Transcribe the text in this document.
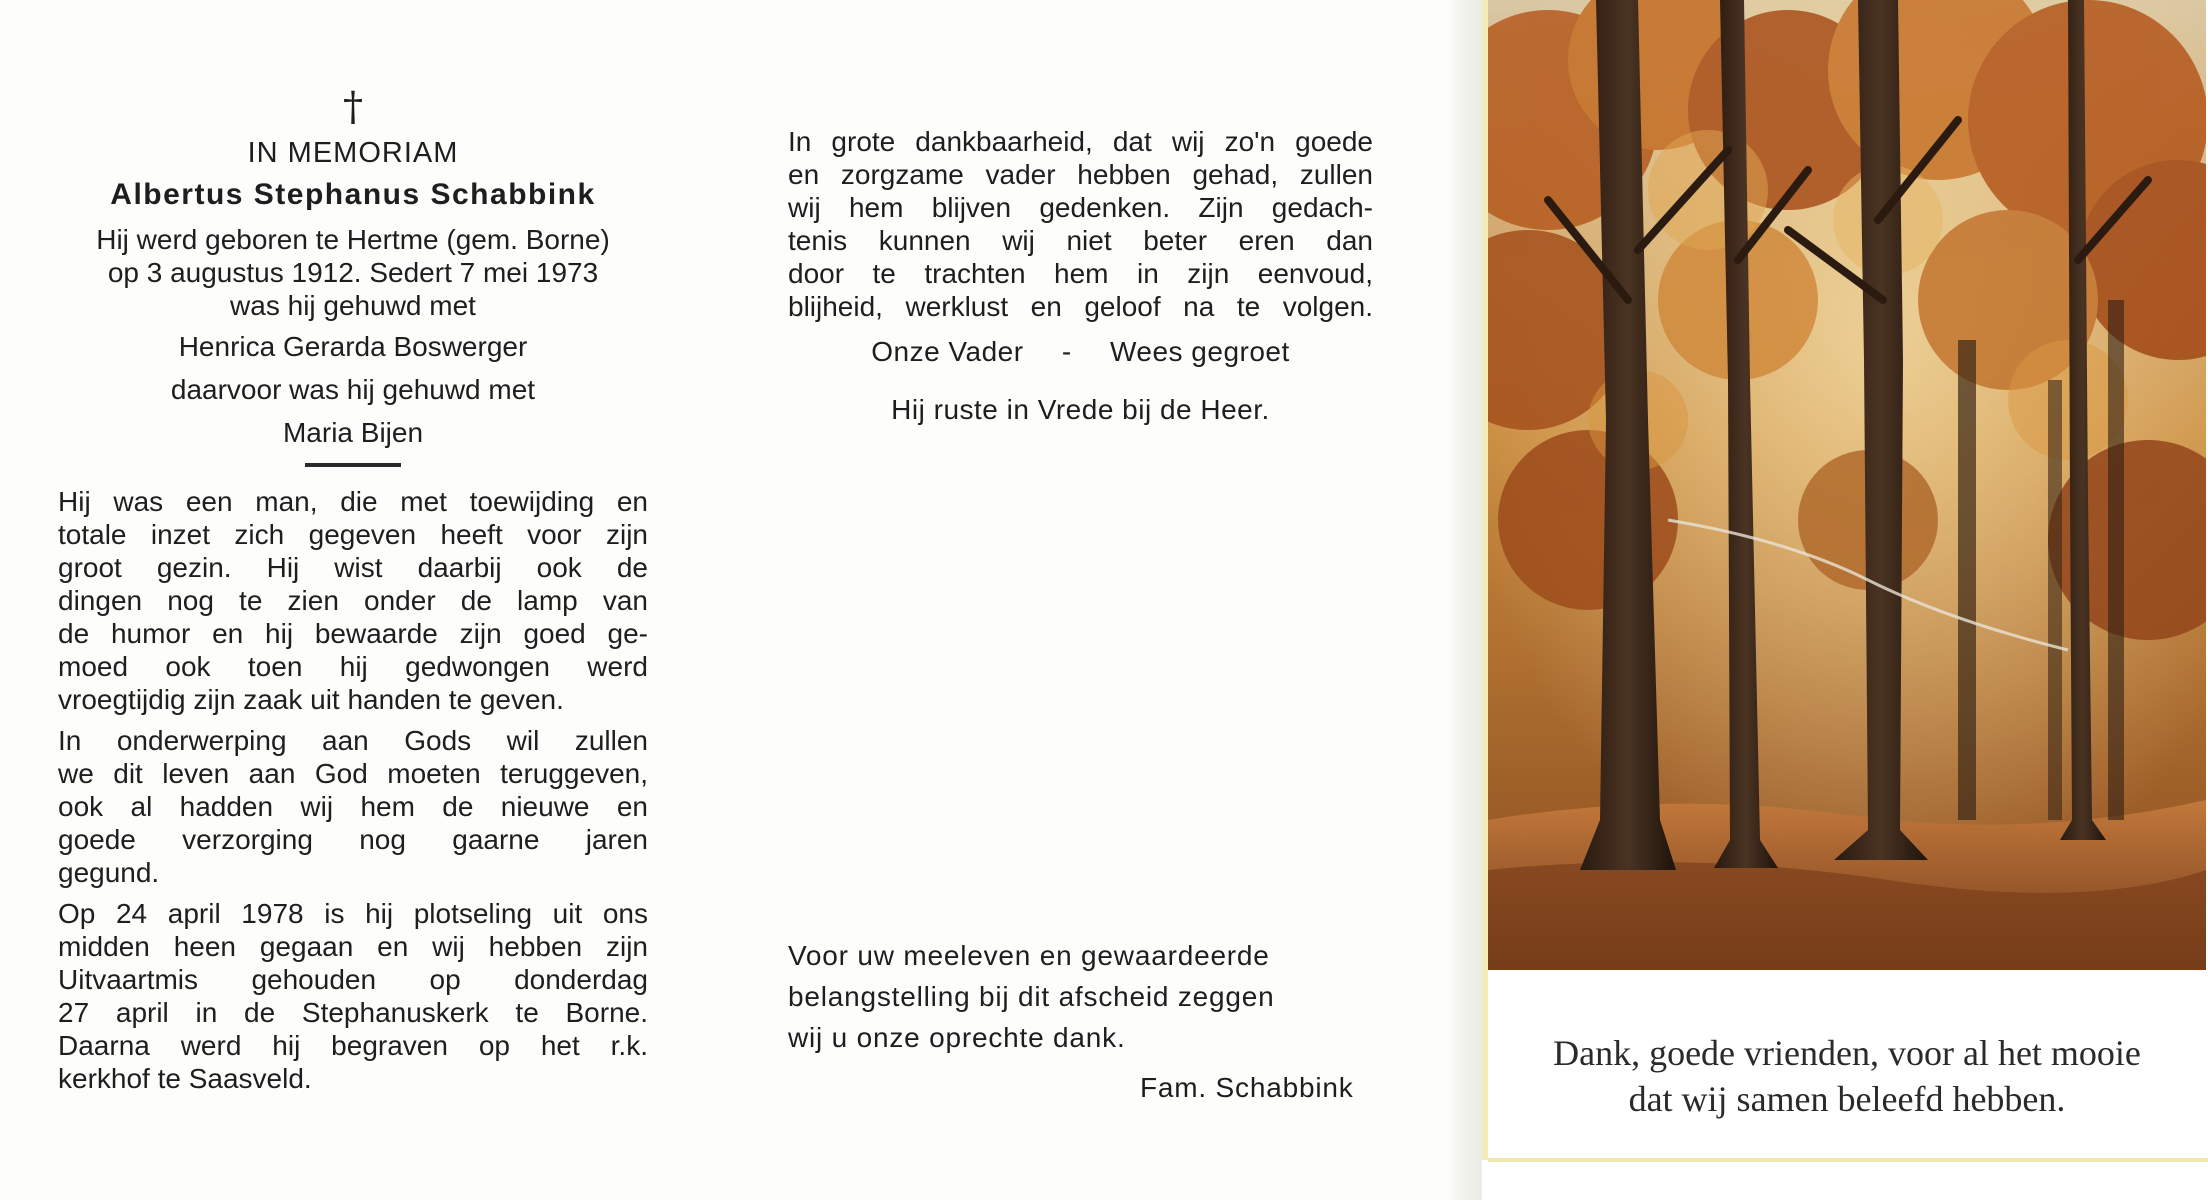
†
IN MEMORIAM
Albertus Stephanus Schabbink
Hij werd geboren te Hertme (gem. Borne)
op 3 augustus 1912. Sedert 7 mei 1973
was hij gehuwd met
Henrica Gerarda Boswerger
daarvoor was hij gehuwd met
Maria Bijen
Hij was een man, die met toewijding en
totale inzet zich gegeven heeft voor zijn
groot gezin. Hij wist daarbij ook de
dingen nog te zien onder de lamp van
de humor en hij bewaarde zijn goed ge-
moed ook toen hij gedwongen werd
vroegtijdig zijn zaak uit handen te geven.
In onderwerping aan Gods wil zullen
we dit leven aan God moeten teruggeven,
ook al hadden wij hem de nieuwe en
goede verzorging nog gaarne jaren
gegund.
Op 24 april 1978 is hij plotseling uit ons
midden heen gegaan en wij hebben zijn
Uitvaartmis gehouden op donderdag
27 april in de Stephanuskerk te Borne.
Daarna werd hij begraven op het r.k.
kerkhof te Saasveld.
In grote dankbaarheid, dat wij zo'n goede
en zorgzame vader hebben gehad, zullen
wij hem blijven gedenken. Zijn gedach-
tenis kunnen wij niet beter eren dan
door te trachten hem in zijn eenvoud,
blijheid, werklust en geloof na te volgen.
Onze Vader - Wees gegroet
Hij ruste in Vrede bij de Heer.
Voor uw meeleven en gewaardeerde
belangstelling bij dit afscheid zeggen
wij u onze oprechte dank.
Fam. Schabbink
Dank, goede vrienden, voor al het mooie
dat wij samen beleefd hebben.
